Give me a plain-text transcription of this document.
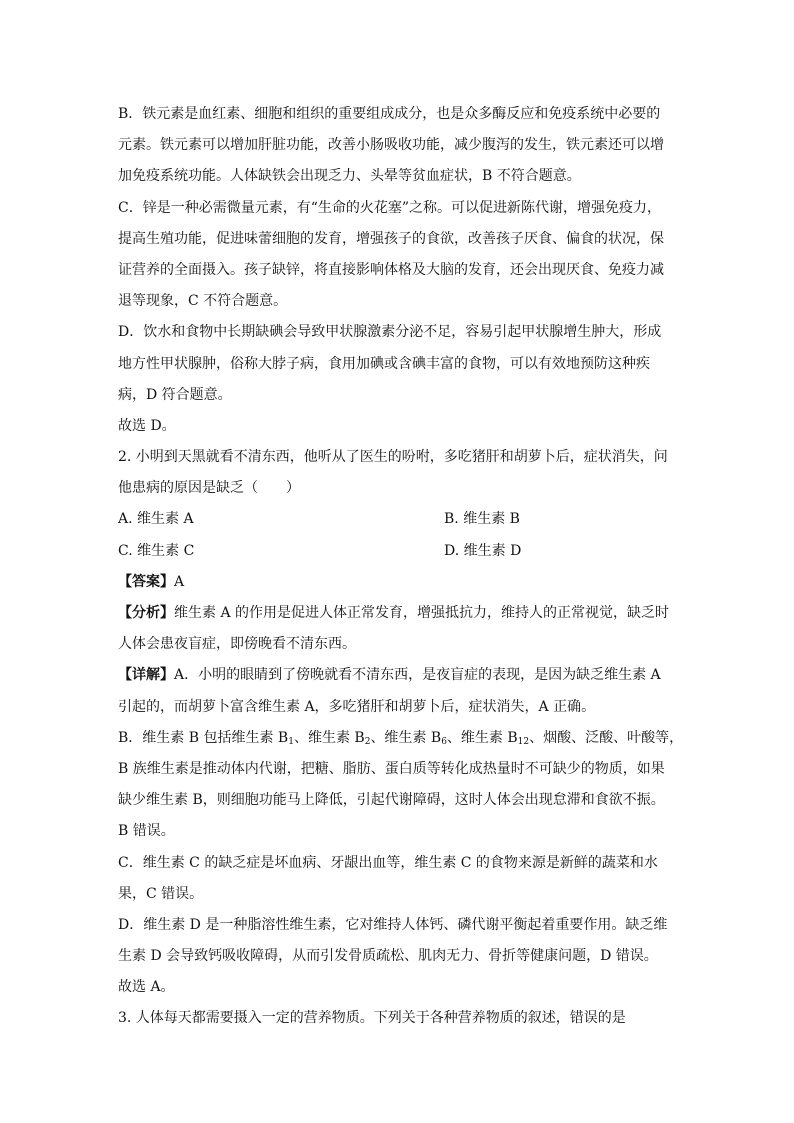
B．铁元素是血红素、细胞和组织的重要组成成分，也是众多酶反应和免疫系统中必要的
元素。铁元素可以增加肝脏功能，改善小肠吸收功能，减少腹泻的发生，铁元素还可以增
加免疫系统功能。人体缺铁会出现乏力、头晕等贫血症状，B 不符合题意。
C．锌是一种必需微量元素，有“生命的火花塞”之称。可以促进新陈代谢，增强免疫力，
提高生殖功能，促进味蕾细胞的发育，增强孩子的食欲，改善孩子厌食、偏食的状况，保
证营养的全面摄入。孩子缺锌，将直接影响体格及大脑的发育，还会出现厌食、免疫力减
退等现象，C 不符合题意。
D．饮水和食物中长期缺碘会导致甲状腺激素分泌不足，容易引起甲状腺增生肿大，形成
地方性甲状腺肿，俗称大脖子病，食用加碘或含碘丰富的食物，可以有效地预防这种疾
病，D 符合题意。
故选 D。
2. 小明到天黑就看不清东西，他听从了医生的吩咐，多吃猪肝和胡萝卜后，症状消失，问
他患病的原因是缺乏（　　）
A. 维生素 A	B. 维生素 B
C. 维生素 C	D. 维生素 D
【答案】A
【分析】维生素 A 的作用是促进人体正常发育，增强抵抗力，维持人的正常视觉，缺乏时
人体会患夜盲症，即傍晚看不清东西。
【详解】A．小明的眼睛到了傍晚就看不清东西，是夜盲症的表现，是因为缺乏维生素 A
引起的，而胡萝卜富含维生素 A，多吃猪肝和胡萝卜后，症状消失，A 正确。
B．维生素 B 包括维生素 $B_1$、维生素 $B_2$、维生素 $B_6$、维生素 $B_{12}$、烟酸、泛酸、叶酸等，
B 族维生素是推动体内代谢，把糖、脂肪、蛋白质等转化成热量时不可缺少的物质，如果
缺少维生素 B，则细胞功能马上降低，引起代谢障碍，这时人体会出现怠滞和食欲不振。
B 错误。
C．维生素 C 的缺乏症是坏血病、牙龈出血等，维生素 C 的食物来源是新鲜的蔬菜和水
果，C 错误。
D．维生素 D 是一种脂溶性维生素，它对维持人体钙、磷代谢平衡起着重要作用。缺乏维
生素 D 会导致钙吸收障碍，从而引发骨质疏松、肌肉无力、骨折等健康问题，D 错误。
故选 A。
3. 人体每天都需要摄入一定的营养物质。下列关于各种营养物质的叙述，错误的是
